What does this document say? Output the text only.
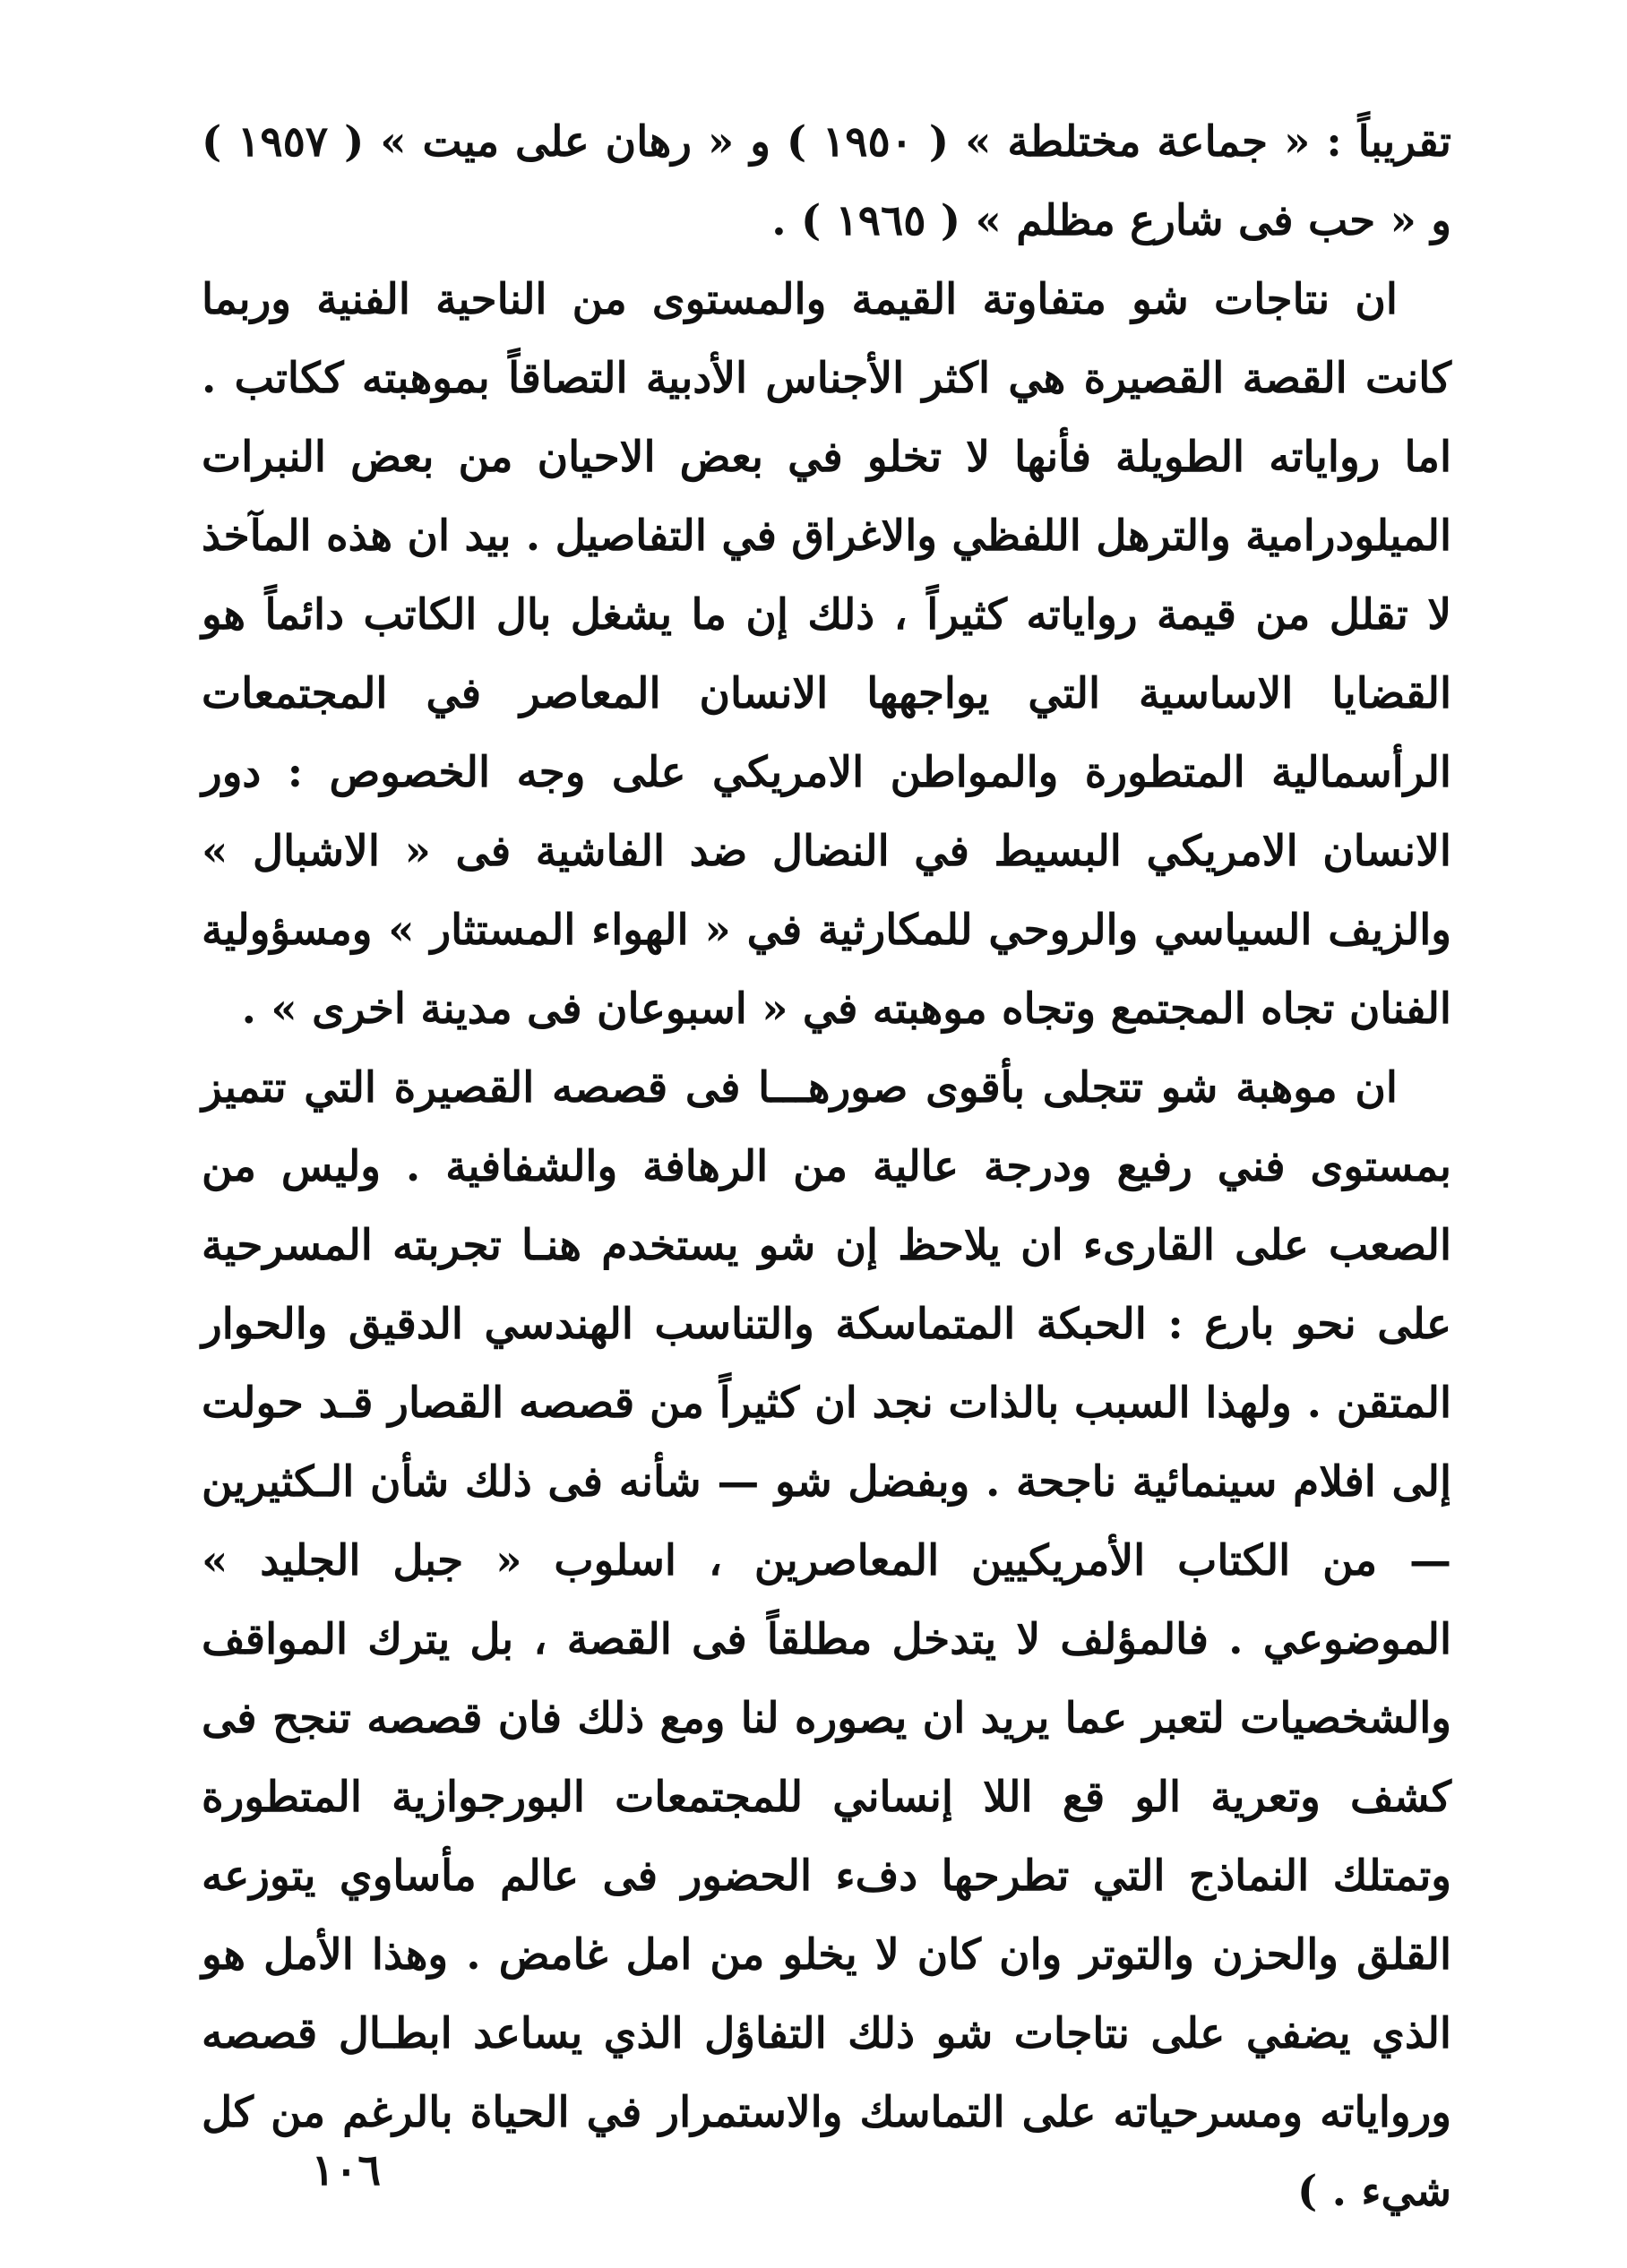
تقريباً : « جماعة مختلطة » ( ١٩٥٠ ) و « رهان على ميت » ( ١٩٥٧ ) و « حب فى شارع مظلم » ( ١٩٦٥ ) .

ان نتاجات شو متفاوتة القيمة والمستوى من الناحية الفنية وربما كانت القصة القصيرة هي اكثر الأجناس الأدبية التصاقاً بموهبته ككاتب . اما رواياته الطويلة فأنها لا تخلو في بعض الاحيان من بعض النبرات الميلودرامية والترهل اللفظي والاغراق في التفاصيل . بيد ان هذه المآخذ لا تقلل من قيمة رواياته كثيراً ، ذلك إن ما يشغل بال الكاتب دائماً هو القضايا الاساسية التي يواجهها الانسان المعاصر في المجتمعات الرأسمالية المتطورة والمواطن الامريكي على وجه الخصوص : دور الانسان الامريكي البسيط في النضال ضد الفاشية فى « الاشبال » والزيف السياسي والروحي للمكارثية في « الهواء المستثار » ومسؤولية الفنان تجاه المجتمع وتجاه موهبته في « اسبوعان فى مدينة اخرى » .

ان موهبة شو تتجلى بأقوى صورهـــا فى قصصه القصيرة التي تتميز بمستوى فني رفيع ودرجة عالية من الرهافة والشفافية . وليس من الصعب على القارىء ان يلاحظ إن شو يستخدم هنـا تجربته المسرحية على نحو بارع : الحبكة المتماسكة والتناسب الهندسي الدقيق والحوار المتقن . ولهذا السبب بالذات نجد ان كثيراً من قصصه القصار قـد حولت إلى افلام سينمائية ناجحة . وبفضل شو — شأنه فى ذلك شأن الـكثيرين — من الكتاب الأمريكيين المعاصرين ، اسلوب « جبل الجليد » الموضوعي . فالمؤلف لا يتدخل مطلقاً فى القصة ، بل يترك المواقف والشخصيات لتعبر عما يريد ان يصوره لنا ومع ذلك فان قصصه تنجح فى كشف وتعرية الو قع اللا إنساني للمجتمعات البورجوازية المتطورة وتمتلك النماذج التي تطرحها دفء الحضور فى عالم مأساوي يتوزعه القلق والحزن والتوتر وان كان لا يخلو من امل غامض . وهذا الأمل هو الذي يضفي على نتاجات شو ذلك التفاؤل الذي يساعد ابطـال قصصه ورواياته ومسرحياته على التماسك والاستمرار في الحياة بالرغم من كل شيء . )

١٠٦
